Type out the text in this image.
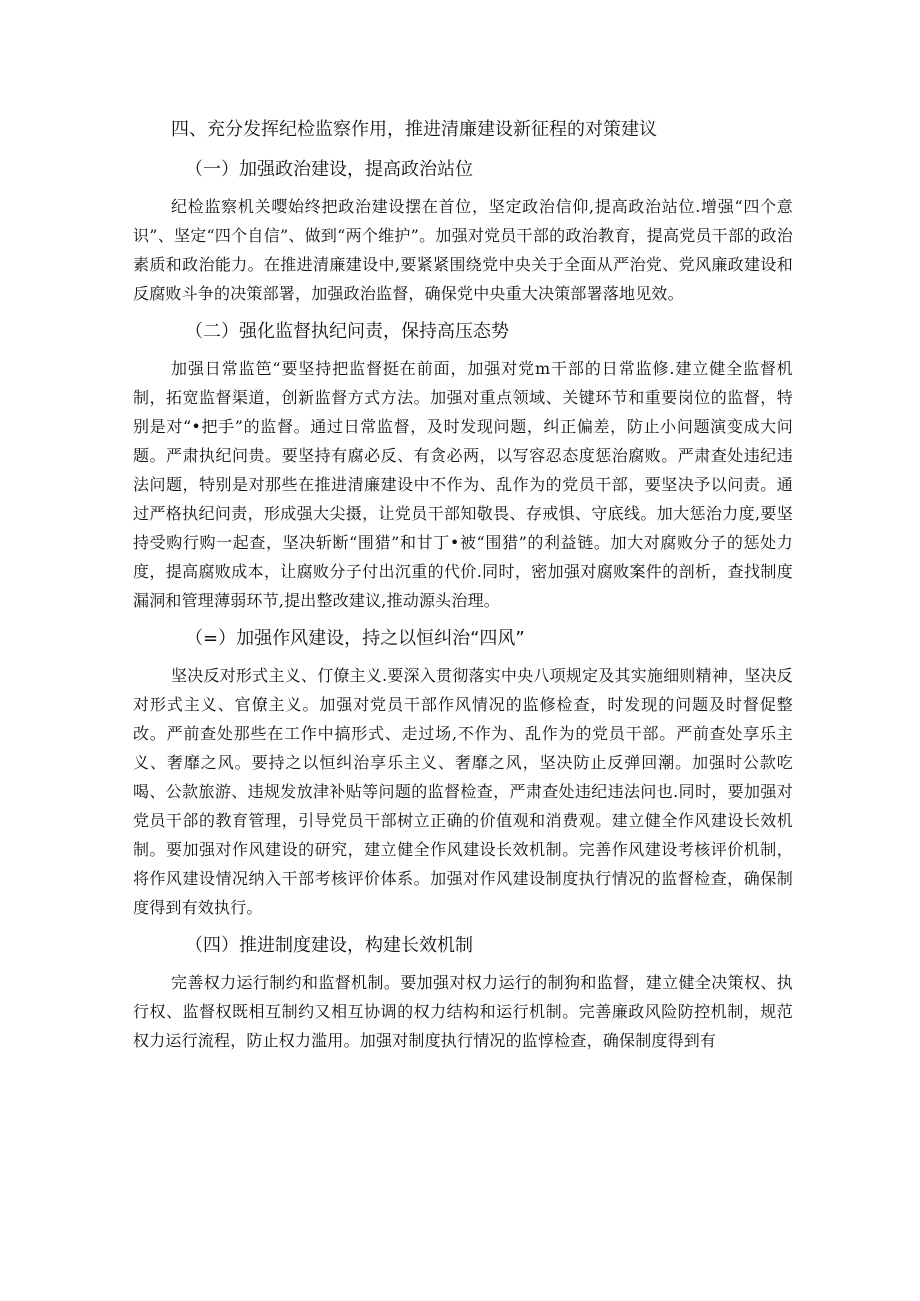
四、充分发挥纪检监察作用，推进清廉建设新征程的对策建议

（一）加强政治建设，提高政治站位

纪检监察机关嘤始终把政治建设摆在首位，坚定政治信仰,提高政治站位.增强“四个意识”、坚定“四个自信”、做到“两个维护”。加强对党员干部的政治教育，提高党员干部的政治素质和政治能力。在推进清廉建设中,要紧紧围绕党中央关于全面从严治党、党风廉政建设和反腐败斗争的决策部署，加强政治监督，确保党中央重大决策部署落地见效。

（二）强化监督执纪问责，保持高压态势

加强日常监笆“要坚持把监督挺在前面，加强对党m干部的日常监修.建立健全监督机制，拓宽监督渠道，创新监督方式方法。加强对重点领域、关键环节和重要岗位的监督，特别是对“•把手”的监督。通过日常监督，及时发现问题，纠正偏差，防止小问题演变成大问题。严肃执纪问贵。要坚持有腐必反、有贪必两，以写容忍态度惩治腐败。严肃查处违纪违法问题，特别是对那些在推进清廉建设中不作为、乱作为的党员干部，要坚决予以问责。通过严格执纪问责，形成强大尖摄，让党员干部知敬畏、存戒惧、守底线。加大惩治力度,要坚持受购行购一起查，坚决斩断“围猎”和甘丁•被“围猎”的利益链。加大对腐败分子的惩处力度，提高腐败成本，让腐败分子付出沉重的代价.同时，密加强对腐败案件的剖析，查找制度漏洞和管理薄弱环节,提出整改建议,推动源头治理。

（=）加强作风建设，持之以恒纠治“四风”

坚决反对形式主义、仃僚主义.要深入贯彻落实中央八项规定及其实施细则精神，坚决反对形式主义、官僚主义。加强对党员干部作风情况的监修检查，时发现的问题及时督促整改。严前查处那些在工作中搞形式、走过场,不作为、乱作为的党员干部。严前查处享乐主义、奢靡之风。要持之以恒纠治享乐主义、奢靡之风，坚决防止反弹回潮。加强时公款吃喝、公款旅游、违规发放津补贴等问题的监督检查，严肃查处违纪违法问也.同时，要加强对党员干郃的教育管理，引导党员干部树立正确的价值观和消费观。建立健全作风建设长效机制。要加强对作风建设的研究，建立健全作风建设长效机制。完善作风建设考核评价机制，将作风建设情况纳入干部考核评价体系。加强对作风建设制度执行情况的监督检查，确保制度得到有效执行。

（四）推进制度建设，构建长效机制

完善权力运行制约和监督机制。要加强对权力运行的制狗和监督，建立健全决策权、执行权、监督权既相互制约又相互协调的权力结构和运行机制。完善廉政风险防控机制，规范权力运行流程，防止权力滥用。加强对制度执行情况的监惇检查，确保制度得到有
